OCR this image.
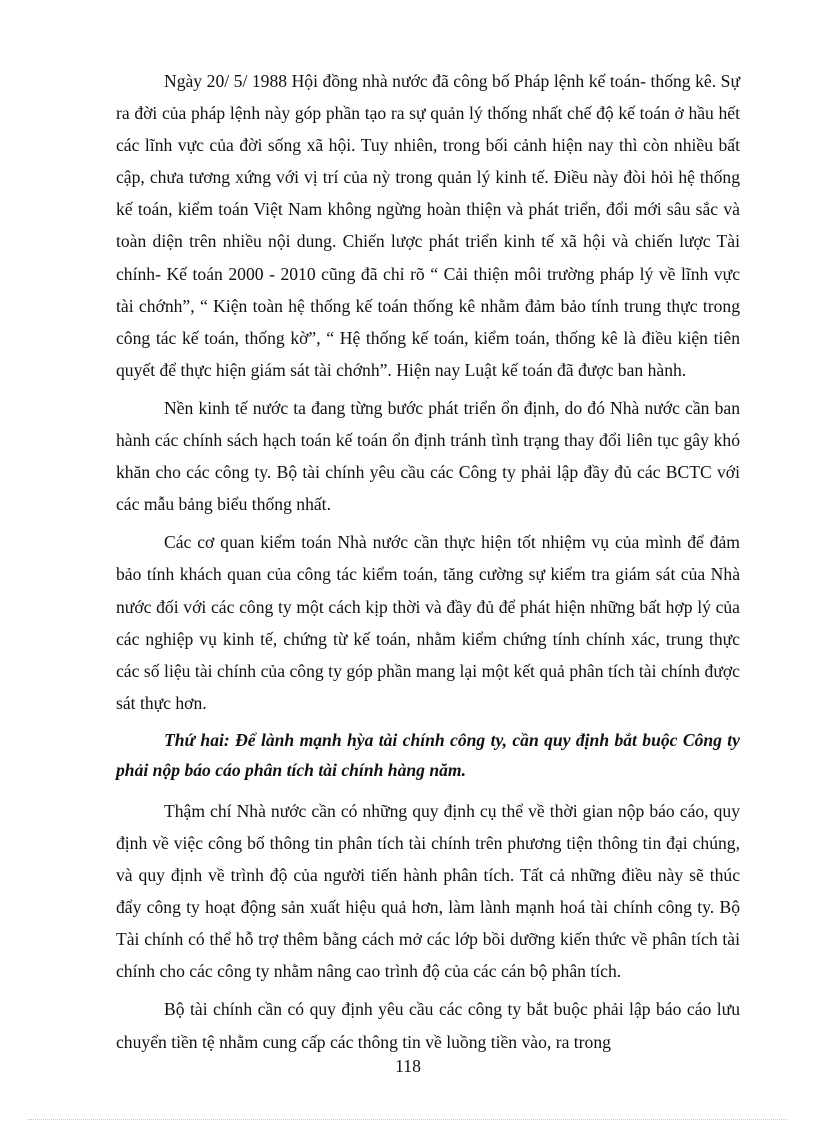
Ngày 20/ 5/ 1988 Hội đồng nhà nước đã công bố Pháp lệnh kế toán- thống kê. Sự ra đời của pháp lệnh này góp phần tạo ra sự quản lý thống nhất chế độ kế toán ở hầu hết các lĩnh vực của đời sống xã hội. Tuy nhiên, trong bối cảnh hiện nay thì còn nhiều bất cập, chưa tương xứng với vị trí của nỳ trong quản lý kinh tế. Điều này đòi hỏi hệ thống kế toán, kiểm toán Việt Nam không ngừng hoàn thiện và phát triển, đổi mới sâu sắc và toàn diện trên nhiều nội dung. Chiến lược phát triển kinh tế xã hội và chiến lược Tài chính- Kế toán 2000 - 2010 cũng đã chỉ rõ “ Cải thiện môi trường pháp lý về lĩnh vực tài chớnh”, “ Kiện toàn hệ thống kế toán thống kê nhằm đảm bảo tính trung thực trong công tác kế toán, thống kờ”, “ Hệ thống kế toán, kiểm toán, thống kê là điều kiện tiên quyết để thực hiện giám sát tài chớnh”. Hiện nay Luật kế toán đã được ban hành.

Nền kinh tế nước ta đang từng bước phát triển ổn định, do đó Nhà nước cần ban hành các chính sách hạch toán kế toán ổn định tránh tình trạng thay đổi liên tục gây khó khăn cho các công ty. Bộ tài chính yêu cầu các Công ty phải lập đầy đủ các BCTC với các mẫu bảng biểu thống nhất.

Các cơ quan kiểm toán Nhà nước cần thực hiện tốt nhiệm vụ của mình để đảm bảo tính khách quan của công tác kiểm toán, tăng cường sự kiểm tra giám sát của Nhà nước đối với các công ty một cách kịp thời và đầy đủ để phát hiện những bất hợp lý của các nghiệp vụ kinh tế, chứng từ kế toán, nhằm kiểm chứng tính chính xác, trung thực các số liệu tài chính của công ty góp phần mang lại một kết quả phân tích tài chính được sát thực hơn.

Thứ hai: Để lành mạnh hỳa tài chính công ty, cần quy định bắt buộc Công ty phải nộp báo cáo phân tích tài chính hàng năm.

Thậm chí Nhà nước cần có những quy định cụ thể về thời gian nộp báo cáo, quy định về việc công bố thông tin phân tích tài chính trên phương tiện thông tin đại chúng, và quy định về trình độ của người tiến hành phân tích. Tất cả những điều này sẽ thúc đẩy công ty hoạt động sản xuất hiệu quả hơn, làm lành mạnh hoá tài chính công ty. Bộ Tài chính có thể hỗ trợ thêm bằng cách mở các lớp bồi dưỡng kiến thức về phân tích tài chính cho các công ty nhằm nâng cao trình độ của các cán bộ phân tích.

Bộ tài chính cần có quy định yêu cầu các công ty bắt buộc phải lập báo cáo lưu chuyển tiền tệ nhằm cung cấp các thông tin về luồng tiền vào, ra trong

118
